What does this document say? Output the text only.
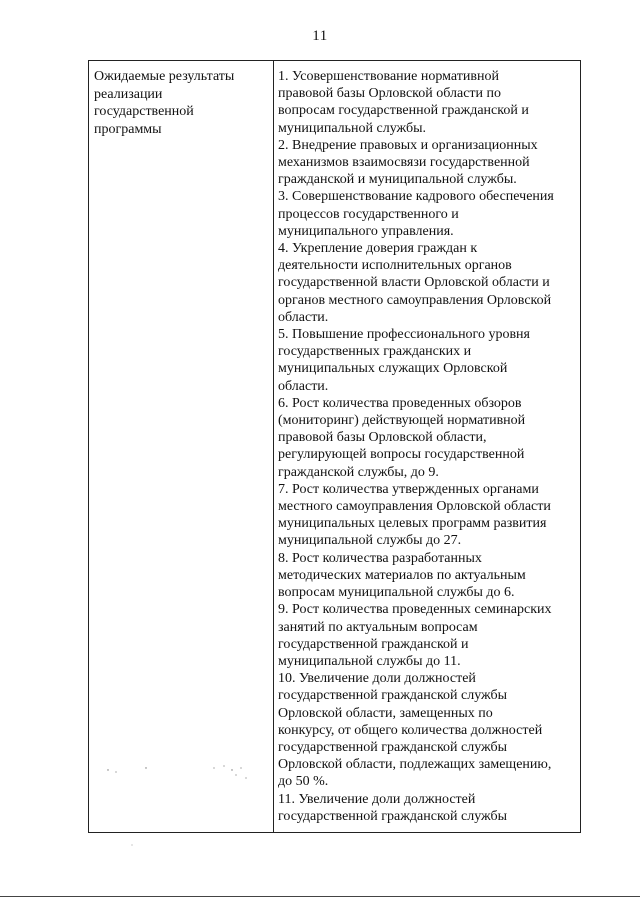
11
Ожидаемые результаты
реализации
государственной
программы
1. Усовершенствование нормативной
правовой базы Орловской области по
вопросам государственной гражданской и
муниципальной службы.
2. Внедрение правовых и организационных
механизмов взаимосвязи государственной
гражданской и муниципальной службы.
3. Совершенствование кадрового обеспечения
процессов государственного и
муниципального управления.
4. Укрепление доверия граждан к
деятельности исполнительных органов
государственной власти Орловской области и
органов местного самоуправления Орловской
области.
5. Повышение профессионального уровня
государственных гражданских и
муниципальных служащих Орловской
области.
6. Рост количества проведенных обзоров
(мониторинг) действующей нормативной
правовой базы Орловской области,
регулирующей вопросы государственной
гражданской службы, до 9.
7. Рост количества утвержденных органами
местного самоуправления Орловской области
муниципальных целевых программ развития
муниципальной службы до 27.
8. Рост количества разработанных
методических материалов по актуальным
вопросам муниципальной службы до 6.
9. Рост количества проведенных семинарских
занятий по актуальным вопросам
государственной гражданской и
муниципальной службы до 11.
10. Увеличение доли должностей
государственной гражданской службы
Орловской области, замещенных по
конкурсу, от общего количества должностей
государственной гражданской службы
Орловской области, подлежащих замещению,
до 50 %.
11. Увеличение доли должностей
государственной гражданской службы
